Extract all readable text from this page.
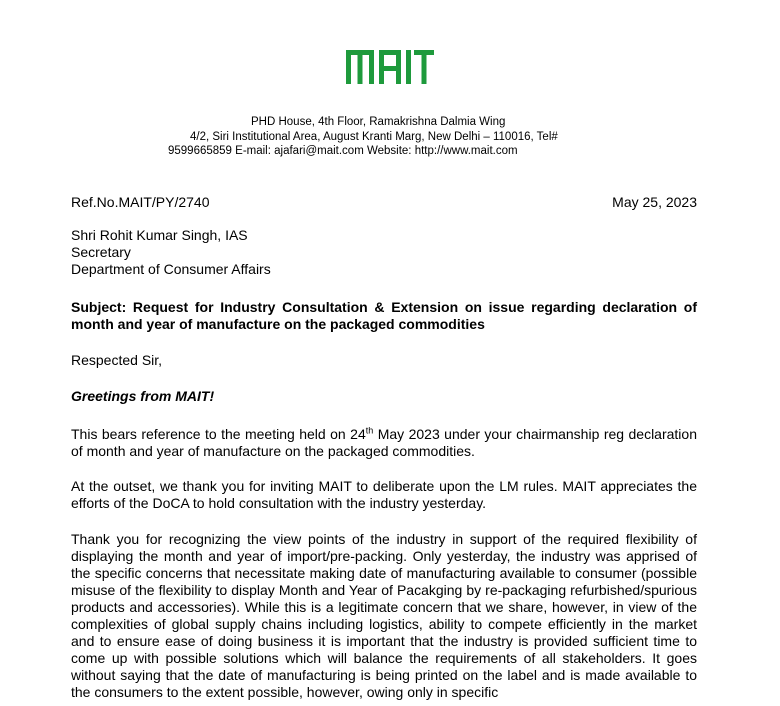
PHD House, 4th Floor, Ramakrishna Dalmia Wing
4/2, Siri Institutional Area, August Kranti Marg, New Delhi – 110016, Tel#
9599665859 E-mail: ajafari@mait.com Website: http://www.mait.com
Ref.No.MAIT/PY/2740	May 25, 2023
Shri Rohit Kumar Singh, IAS
Secretary
Department of Consumer Affairs
Subject: Request for Industry Consultation & Extension on issue regarding declaration of month and year of manufacture on the packaged commodities
Respected Sir,
Greetings from MAIT!
This bears reference to the meeting held on 24th May 2023 under your chairmanship reg declaration of month and year of manufacture on the packaged commodities.
At the outset, we thank you for inviting MAIT to deliberate upon the LM rules. MAIT appreciates the efforts of the DoCA to hold consultation with the industry yesterday.
Thank you for recognizing the view points of the industry in support of the required flexibility of displaying the month and year of import/pre-packing. Only yesterday, the industry was apprised of the specific concerns that necessitate making date of manufacturing available to consumer (possible misuse of the flexibility to display Month and Year of Pacakging by re-packaging refurbished/spurious products and accessories). While this is a legitimate concern that we share, however, in view of the complexities of global supply chains including logistics, ability to compete efficiently in the market and to ensure ease of doing business it is important that the industry is provided sufficient time to come up with possible solutions which will balance the requirements of all stakeholders. It goes without saying that the date of manufacturing is being printed on the label and is made available to the consumers to the extent possible, however, owing only in specific
